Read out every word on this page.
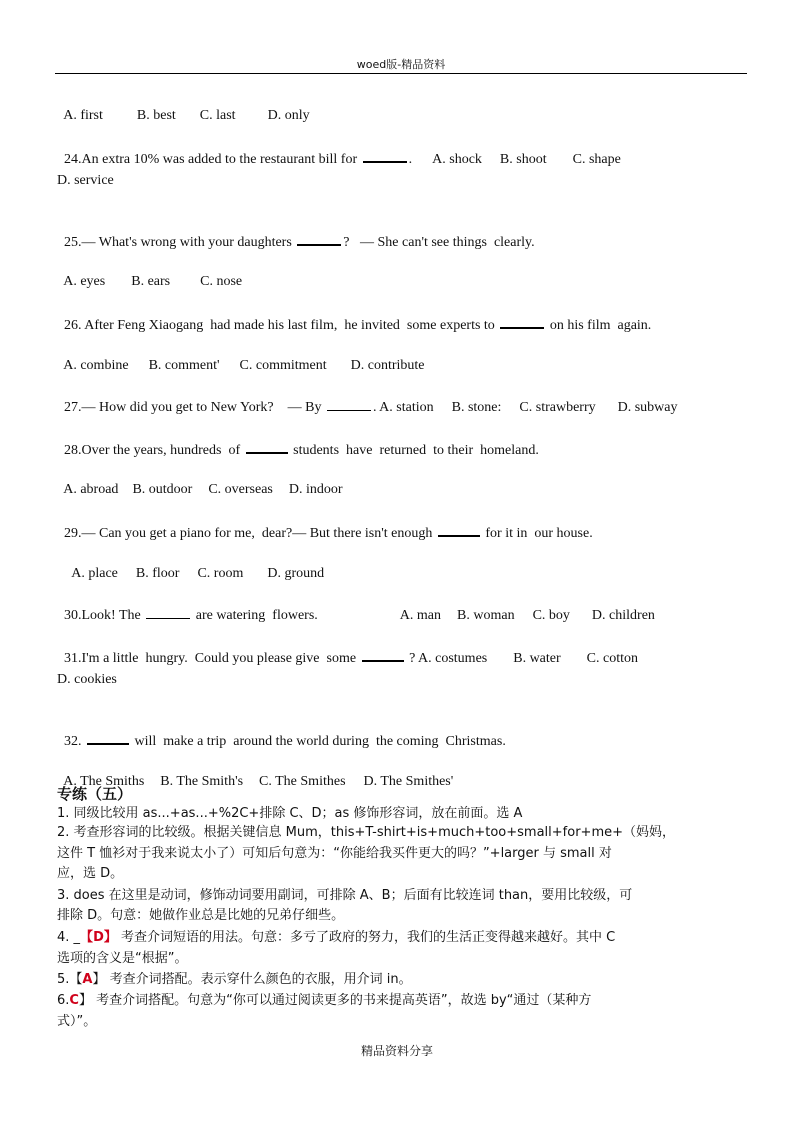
woed版-精品资料

A. first B. best C. last D. only

24.An extra 10% was added to the restaurant bill for	. A. shock B. shoot C. shape

D. service

25.— What's wrong with your daughters	?   — She can't see things  clearly.

A. eyes B. ears C. nose

26. After Feng Xiaogang  had made his last film,  he invited  some experts to	on his film  again.

A. combine B. comment' C. commitment D. contribute

27.— How did you get to New York?    — By	. A. station B. stone: C. strawberry D. subway

28.Over the years, hundreds  of	students  have  returned  to their  homeland.

A. abroad B. outdoor C. overseas D. indoor

29.— Can you get a piano for me,  dear?— But there isn't enough	for it in  our house.

A. place B. floor C. room D. ground

30.Look! The	are watering  flowers.	A. man B. woman C. boy D. children

31.I'm a little  hungry.  Could you please give  some	? A. costumes B. water C. cotton

D. cookies

32.	will  make a trip  around the world during  the coming  Christmas.

A. The Smiths B. The Smith's C. The Smithes D. The Smithes'

专练（五）
1. 同级比较用 as...+as...+%2C+排除 C、D；as 修饰形容词，放在前面。选 A
2. 考查形容词的比较级。根据关键信息 Mum，this+T-shirt+is+much+too+small+for+me+（妈妈，
这件 T 恤衫对于我来说太小了）可知后句意为：“你能给我买件更大的吗？”+larger 与 small 对
应，选 D。
3. does 在这里是动词，修饰动词要用副词，可排除 A、B；后面有比较连词 than，要用比较级，可
排除 D。句意：她做作业总是比她的兄弟仔细些。
4. _【D】 考查介词短语的用法。句意：多亏了政府的努力，我们的生活正变得越来越好。其中 C
选项的含义是“根据”。
5.【A】 考查介词搭配。表示穿什么颜色的衣服，用介词 in。
6.C】 考查介词搭配。句意为“你可以通过阅读更多的书来提高英语”，故选 by“通过（某种方
式）”。
精品资料分享
